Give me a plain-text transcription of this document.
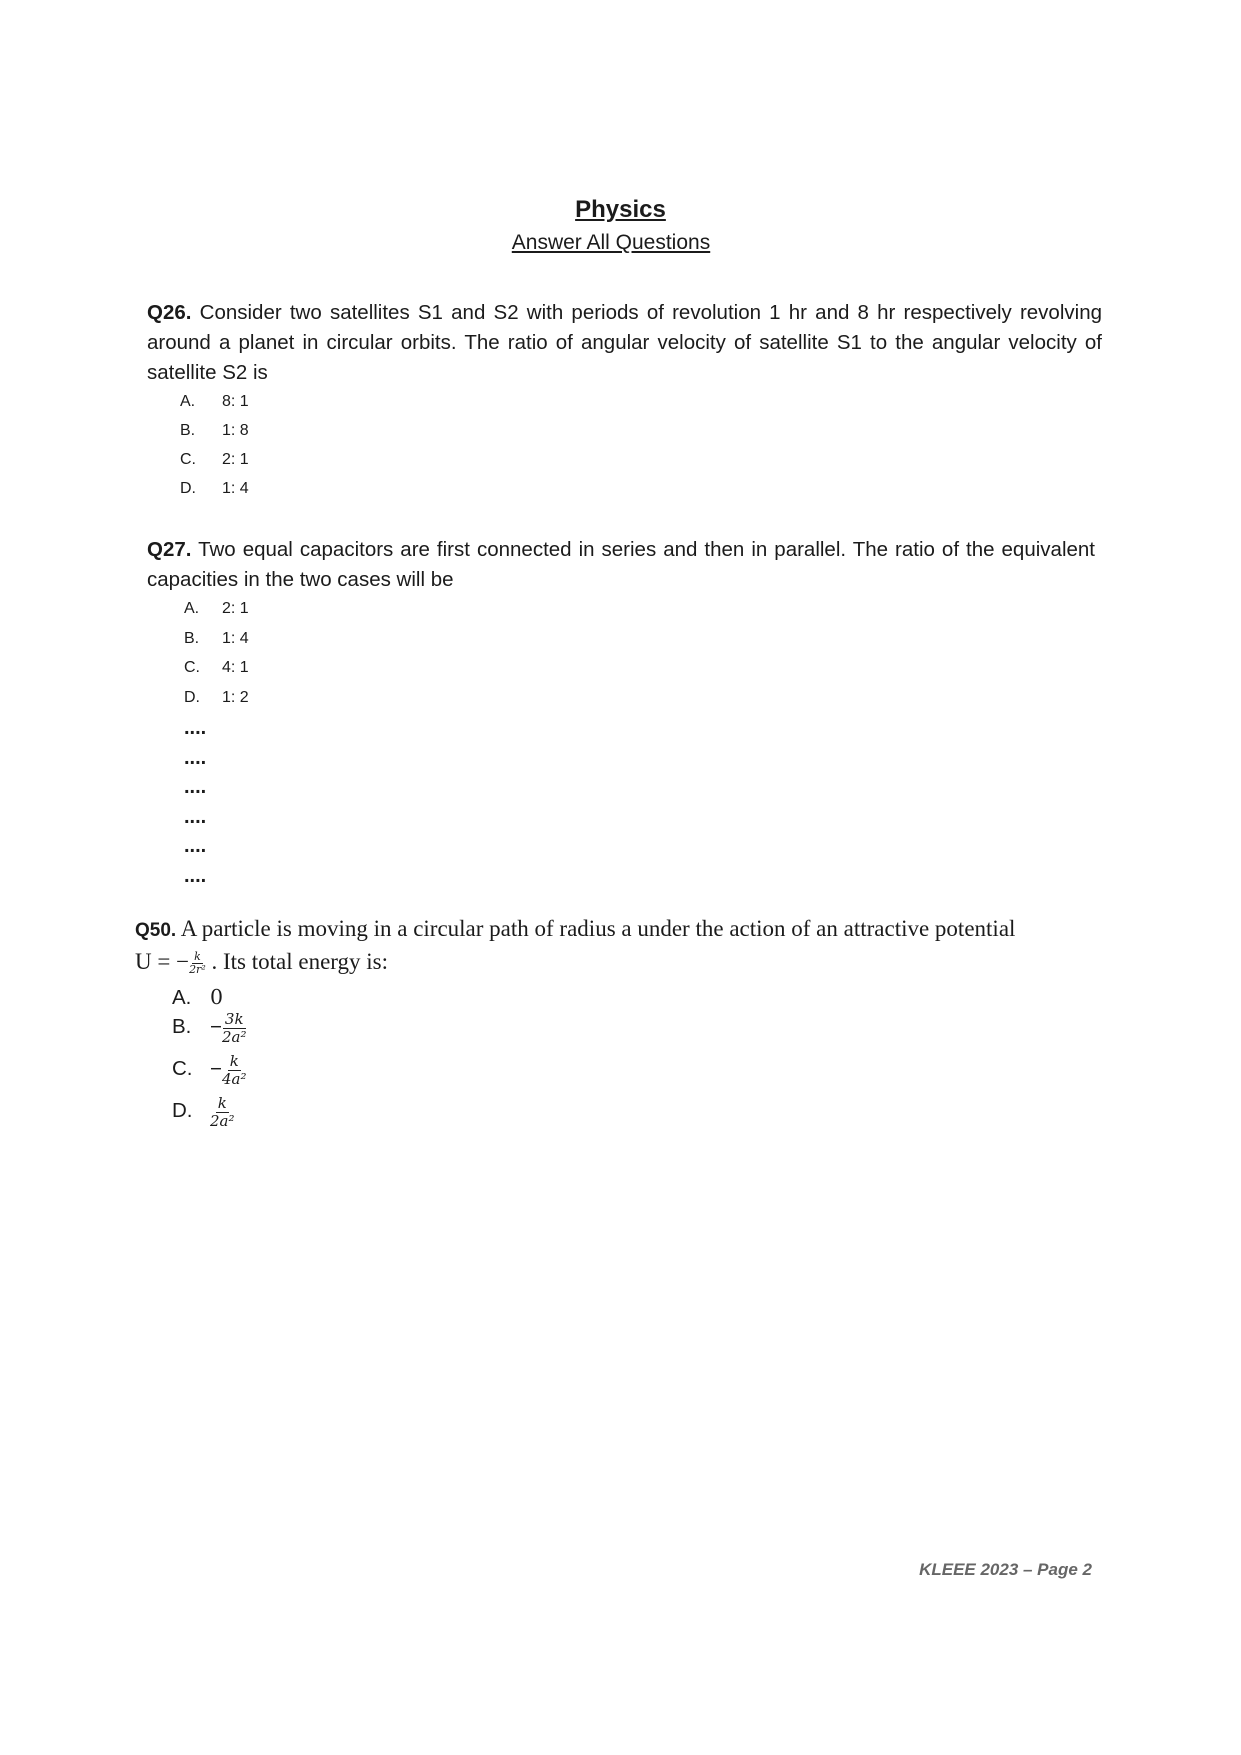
Physics
Answer All Questions
Q26. Consider two satellites S1 and S2 with periods of revolution 1 hr and 8 hr respectively revolving around a planet in circular orbits. The ratio of angular velocity of satellite S1 to the angular velocity of satellite S2 is
A. 8: 1
B. 1: 8
C. 2: 1
D. 1: 4
Q27. Two equal capacitors are first connected in series and then in parallel. The ratio of the equivalent capacities in the two cases will be
A. 2: 1
B. 1: 4
C. 4: 1
D. 1: 2
....
....
....
....
....
....
Q50. A particle is moving in a circular path of radius a under the action of an attractive potential
U = − $\frac{k}{\text{2r²}}$ . Its total energy is:
A. 0
B. − $\frac{3k}{\text{2a²}}$
C. − $\frac{k}{\text{4a²}}$
D. $\frac{k}{\text{2a²}}$
KLEEE 2023 – Page 2
